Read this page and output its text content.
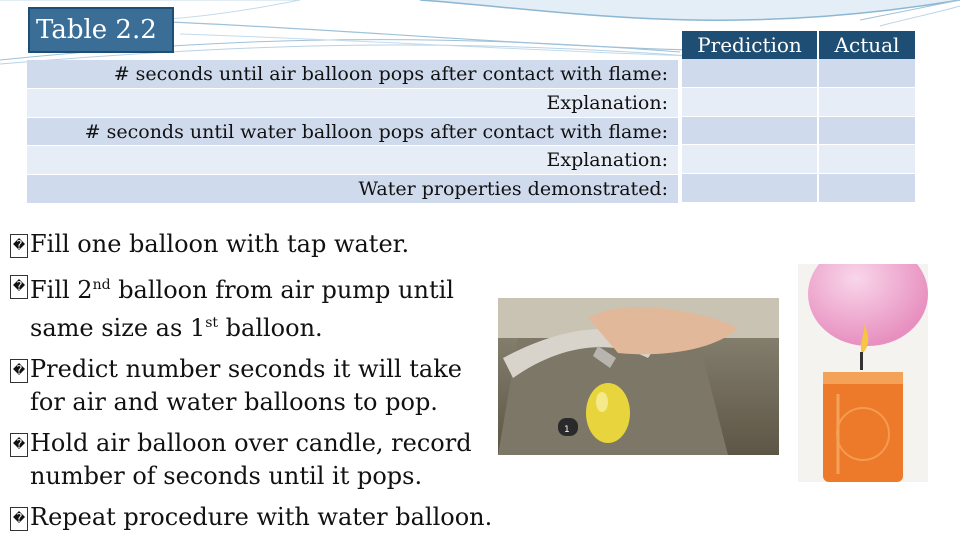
Table 2.2
# seconds until air balloon pops after contact with flame:
Explanation:
# seconds until water balloon pops after contact with flame:
Explanation:
Water properties demonstrated:
Prediction	Actual
� Fill one balloon with tap water.
� Fill 2nd balloon from air pump until same size as 1st balloon.
� Predict number seconds it will take for air and water balloons to pop.
� Hold air balloon over candle, record number of seconds until it pops.
� Repeat procedure with water balloon.
1
